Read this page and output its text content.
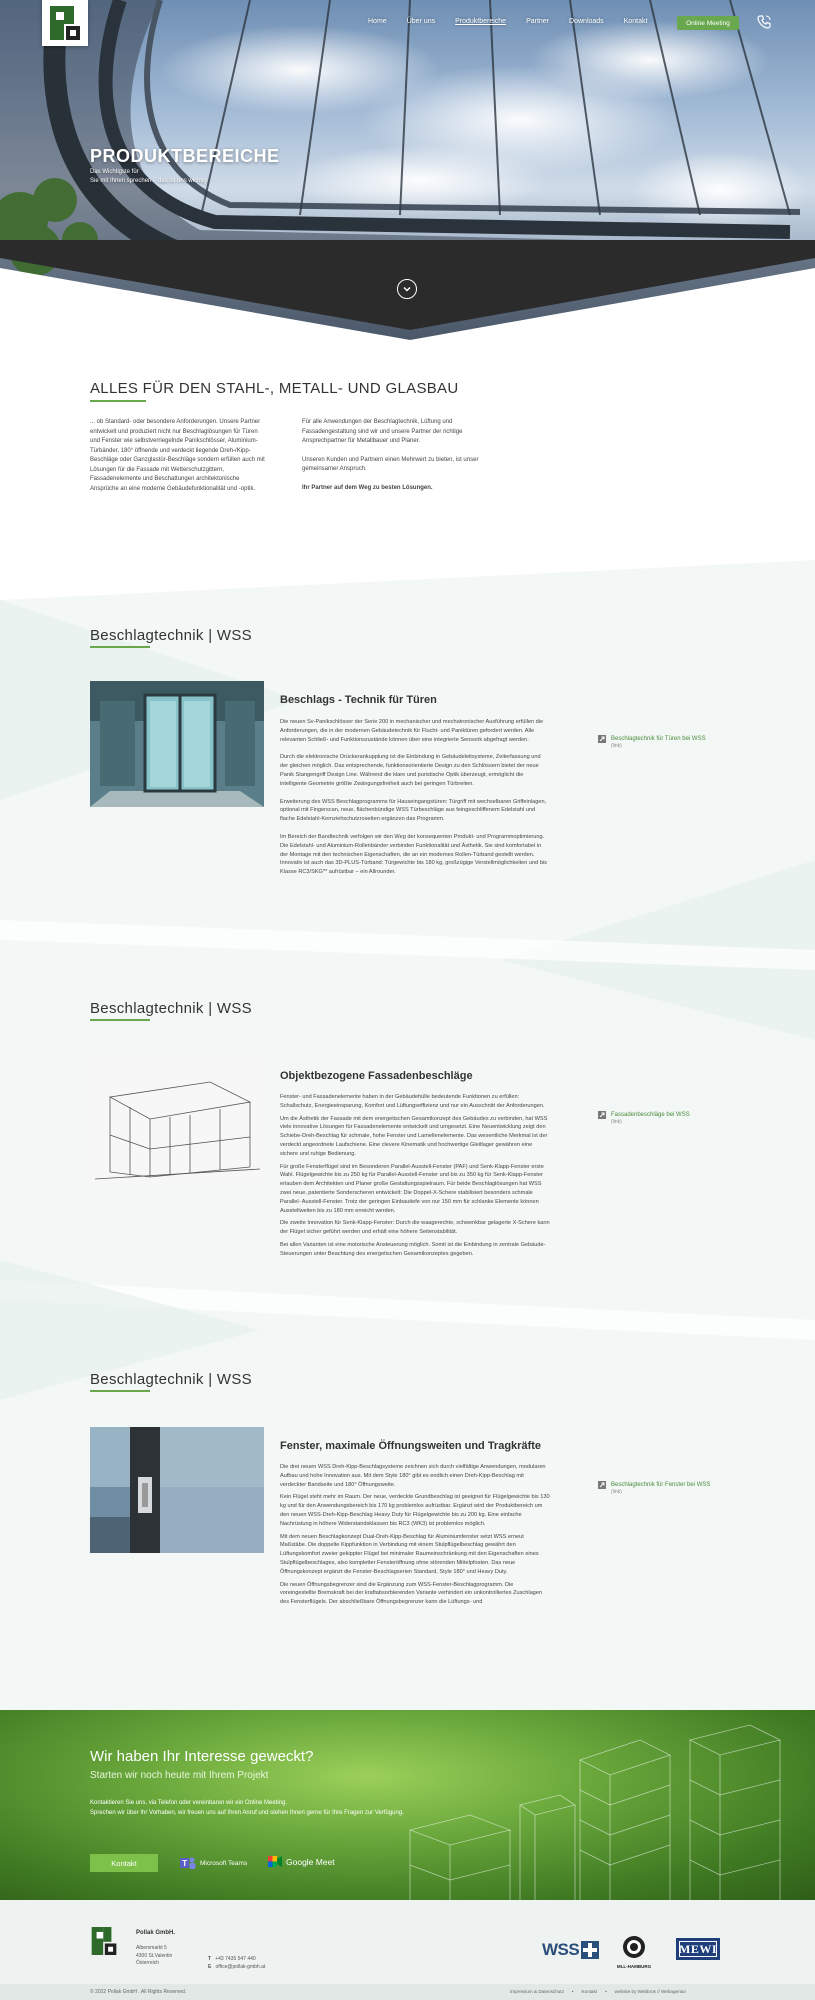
Home	Über uns	Produktbereiche	Partner	Downloads	Kontakt	Online Meeting
PRODUKTBEREICHE
Das Wichtigste für
Sie mit Ihnen sprechen – das ist uns wichtig
ALLES FÜR DEN STAHL-, METALL- UND GLASBAU
... ob Standard- oder besondere Anforderungen. Unsere Partner entwickelt und produziert nicht nur Beschlaglösungen für Türen und Fenster wie selbstverriegelnde Panikschlösser, Aluminium-Türbänder, 180° öffnende und verdeckt liegende Dreh-/Kipp-Beschläge oder Ganzglastür-Beschläge sondern erfüllen auch mit Lösungen für die Fassade mit Wetterschutzgittern, Fassadenelemente und Beschattungen architektonische Ansprüche an eine moderne Gebäudefunktionalität und -optik.

Für alle Anwendungen der Beschlagtechnik, Lüftung und Fassadengestaltung sind wir und unsere Partner der richtige Ansprechpartner für Metallbauer und Planer.

Unseren Kunden und Partnern einen Mehrwert zu bieten, ist unser gemeinsamer Anspruch.

Ihr Partner auf dem Weg zu besten Lösungen.

Beschlagtechnik | WSS
Beschlags - Technik für Türen

Die neuen Sv-Panikschlösser der Serie 200 in mechanischer und mechatronischer Ausführung erfüllen die Anforderungen, die in der modernen Gebäudetechnik für Flucht- und Paniktüren gefordert werden. Alle relevanten Schließ- und Funktionszustände können über eine integrierte Sensorik abgefragt werden.

Durch die elektronische Drückerankupplung ist die Einbindung in Gebäudeleitsysteme, Zeiterfassung und der gleichen möglich. Das entsprechende, funktionsorientierte Design zu den Schlössern bietet der neue Panik Stangengriff Design Line. Während die klare und puristische Optik überzeugt, ermöglicht die intelligente Geometrie größte Zwängungsfreiheit auch bei geringen Türbreiten.

Erweiterung des WSS Beschlagprogramms für Hauseingangstüren: Türgriff mit wechselbaren Griffeinlagen, optional mit Fingerscan, neue, flächenbündige WSS Türbeschläge aus feingeschliffenem Edelstahl und flache Edelstahl-Kernziehschutzrosetten ergänzen das Programm.

Im Bereich der Bandtechnik verfolgen wir den Weg der konsequenten Produkt- und Programmoptimierung. Die Edelstahl- und Aluminium-Rollenbänder verbinden Funktionalität und Ästhetik. Sie sind komfortabel in der Montage mit den technischen Eigenschaften, die an ein modernes Rollen-Türband gestellt werden. Innovativ ist auch das 3D-PLUS-Türband: Türgewichte bis 180 kg, großzügige Verstellmöglichkeiten und bis Klasse RC3/SKG** aufrüstbar – ein Allrounder.

Beschlagtechnik für Türen bei WSS
(link)
Beschlagtechnik | WSS
Objektbezogene Fassadenbeschläge

Fenster- und Fassadenelemente haben in der Gebäudehülle bedeutende Funktionen zu erfüllen: Schallschutz, Energieeinsparung, Komfort und Lüftungseffizienz und nur ein Ausschnitt der Anforderungen.

Um die Ästhetik der Fassade mit dem energetischen Gesamtkonzept des Gebäudes zu verbinden, hat WSS viele innovative Lösungen für Fassadenelemente entwickelt und umgesetzt. Eine Neuentwicklung zeigt den Schiebe-Dreh-Beschlag für schmale, hohe Fenster und Lamellenelemente. Das wesentliche Merkmal ist der verdeckt angeordnete Laufschiene. Eine clevere Kinematik und hochwertige Gleitlager gewähren eine sichere und ruhige Bedienung.

Für große Fensterflügel sind im Besonderen Parallel-Ausstell-Fenster (PAF) und Senk-Klapp-Fenster erste Wahl. Flügelgewichte bis zu 250 kg für Parallel-Ausstell-Fenster und bis zu 350 kg für Senk-Klapp-Fenster erlauben dem Architekten und Planer große Gestaltungsspielraum. Für beide Beschlaglösungen hat WSS zwei neue, patentierte Sonderscheren entwickelt: Die Doppel-X-Schere stabilisiert besonders schmale Parallel- Ausstell-Fenster. Trotz der geringen Einbautiefe von nur 150 mm für schlanke Elemente können Ausstellweiten bis zu 180 mm erreicht werden.

Die zweite Innovation für Senk-Klapp-Fenster: Durch die waagerechte, schwenkbar gelagerte X-Schere kann der Flügel sicher geführt werden und erhält eine höhere Seitenstabilität.

Bei allen Varianten ist eine motorische Ansteuerung möglich. Somit ist die Einbindung in zentrale Gebäude-Steuerungen unter Beachtung des energetischen Gesamtkonzeptes gegeben.

Fassadenbeschläge bei WSS
(link)
Beschlagtechnik | WSS
Fenster, maximale Öffnungsweiten und Tragkräfte

Die drei neuen WSS Dreh-Kipp-Beschlagsysteme zeichnen sich durch vielfältige Anwendungen, modularen Aufbau und hohe Innovation aus. Mit dem Style 180° gibt es endlich einen Dreh-Kipp-Beschlag mit verdeckter Bandseite und 180° Öffnungsweite.

Kein Flügel steht mehr im Raum. Der neue, verdeckte Grundbeschlag ist geeignet für Flügelgewichte bis 130 kg und für den Anwendungsbereich bis 170 kg problemlos aufrüstbar. Ergänzt wird der Produktbereich um den neuen WSS-Dreh-Kipp-Beschlag Heavy Duty für Flügelgewichte bis zu 200 kg. Eine einfache Nachrüstung in höhere Widerstandsklassen bis RC3 (WK3) ist problemlos möglich.

Mit dem neuen Beschlagkonzept Dual-Dreh-Kipp-Beschlag für Aluminiumfenster setzt WSS erneut Maßstäbe. Die doppelte Kippfunktion in Verbindung mit einem Stulpflügelbeschlag gewährt den Lüftungskomfort zweier gekippter Flügel bei minimaler Raumeinschränkung mit den Eigenschaften eines Stulpflügelbeschlages, also kompletter Fensteröffnung ohne störenden Mittelpfosten. Das neue Öffnungskonzept ergänzt die Fenster-Beschlagserien Standard, Style 180° und Heavy Duty.

Die neuen Öffnungsbegrenzer sind die Ergänzung zum WSS-Fenster-Beschlagprogramm. Die voreingestellte Bremskraft bei der kraftabsorbierenden Variante verhindert ein unkontrolliertes Zuschlagen des Fensterflügels. Der abschließbare Öffnungsbegrenzer kann die Lüftungs- und

Beschlagtechnik für Fenster bei WSS
(link)
Wir haben Ihr Interesse geweckt?
Starten wir noch heute mit Ihrem Projekt

Kontaktieren Sie uns, via Telefon oder vereinbaren wir ein Online Meeting.

Sprechen wir über Ihr Vorhaben, wir freuen uns auf Ihren Anruf und stehen Ihnen gerne für Ihre Fragen zur Verfügung.

Kontakt	T Microsoft Teams	Google Meet
Pollak GmbH.
Albersmarkt 5
4300 St.Valentin
Österreich
T +43 7435 547 440
E office@pollak-gmbh.at
WSS
MLL-HAMBURG
MEWI
© 2022 Pollak GmbH . All Rights Reserved.	Impressum & Datenschutz • Kontakt • website by Webbros // Webagentur
